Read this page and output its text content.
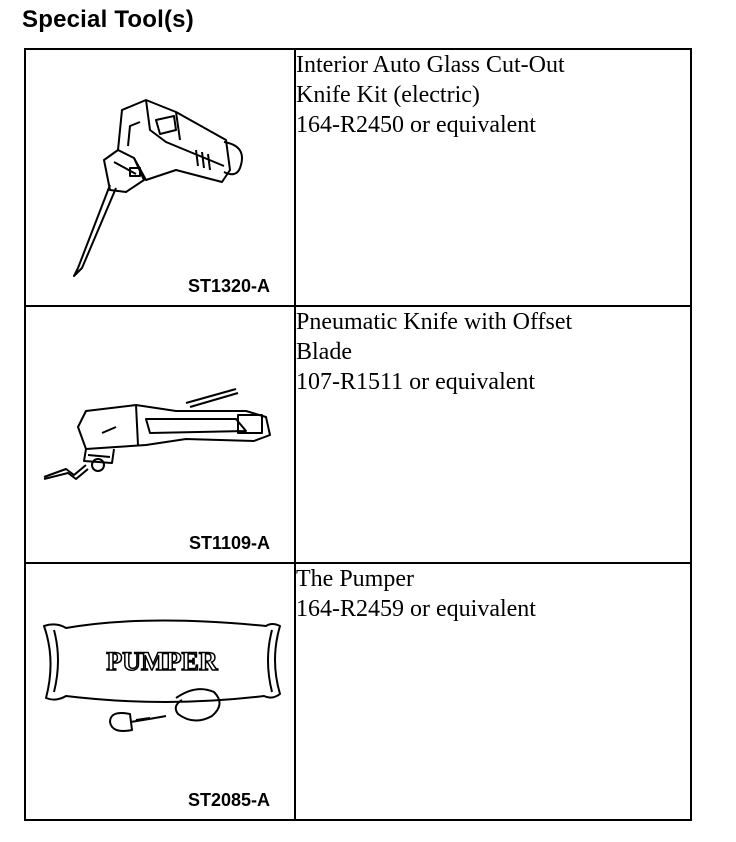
Special Tool(s)
ST1320-A	Interior Auto Glass Cut-Out
Knife Kit (electric)
164-R2450 or equivalent

ST1109-A	Pneumatic Knife with Offset
Blade
107-R1511 or equivalent

PUMPER
ST2085-A	The Pumper
164-R2459 or equivalent
